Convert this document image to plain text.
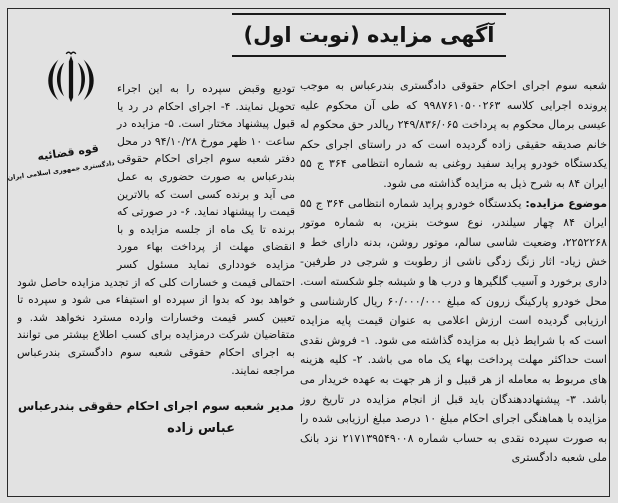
آگهی مزایده (نوبت اول)
قوه قضائیه
دادگستری جمهوری اسلامی ایران

شعبه سوم اجرای احکام حقوقی دادگستری بندرعباس به موجب پرونده اجرایی کلاسه ۹۹۸۷۶۱۰۵۰۰۲۶۳ که طی آن محکوم علیه عیسی برمال محکوم به پرداخت ۲۴۹/۸۳۶/۰۶۵ ریالدر حق محکوم له خانم صدیقه حقیقی زاده گردیده است که در راستای اجرای حکم یکدستگاه خودرو پراید سفید روغنی به شماره انتظامی ۳۶۴ ج ۵۵ ایران ۸۴ به شرح ذیل به مزایده گذاشته می شود.

موضوع مزایده: یکدستگاه خودرو پراید شماره انتظامی ۳۶۴ ج ۵۵ ایران ۸۴ چهار سیلندر، نوع سوخت بنزین، به شماره موتور ۲۲۵۲۲۶۸، وضعیت شاسی سالم، موتور روشن، بدنه دارای خط و خش زیاد- اثار زنگ زدگی ناشی از رطوبت و شرجی در طرفین- داری برخورد و آسیب گلگیرها و درب ها و شیشه جلو شکسته است. محل خودرو پارکینگ زرون که مبلغ ۶۰/۰۰۰/۰۰۰ ریال کارشناسی و ارزیابی گردیده است ارزش اعلامی به عنوان قیمت پایه مزایده است که با شرایط ذیل به مزایده گذاشته می شود. ۱- فروش نقدی است حداکثر مهلت پرداخت بهاء یک ماه می باشد. ۲- کلیه هزینه های مربوط به معامله از هر قبیل و از هر جهت به عهده خریدار می باشد. ۳- پیشنهاددهندگان باید قبل از انجام مزایده در تاریخ روز مزایده با هماهنگی اجرای احکام مبلغ ۱۰ درصد مبلغ ارزیابی شده را به صورت سپرده نقدی به حساب شماره ۲۱۷۱۳۹۵۴۹۰۰۸ نزد بانک ملی شعبه دادگستری

تودیع وقبض سپرده را به این اجراء تحویل نمایند. ۴- اجرای احکام در رد یا قبول پیشنهاد مختار است. ۵- مزایده در ساعت ۱۰ ظهر مورخ ۹۴/۱۰/۲۸ در محل دفتر شعبه سوم اجرای احکام حقوقی بندرعباس به صورت حضوری به عمل می آید و برنده کسی است که بالاترین قیمت را پیشنهاد نماید. ۶- در صورتی که برنده تا یک ماه از جلسه مزایده و با انقضای مهلت از پرداخت بهاء مورد مزایده خودداری نماید مسئول کسر احتمالی قیمت و خسارات کلی که از تجدید مزایده حاصل شود خواهد بود که بدوا از سپرده او استیفاء می شود و سپرده تا تعیین کسر قیمت وخسارات وارده مسترد نخواهد شد. و متقاضیان شرکت درمزایده برای کسب اطلاع بیشتر می توانند به اجرای احکام حقوقی شعبه سوم دادگستری بندرعباس مراجعه نمایند.

مدیر شعبه سوم اجرای احکام حقوقی بندرعباس
عباس زاده
